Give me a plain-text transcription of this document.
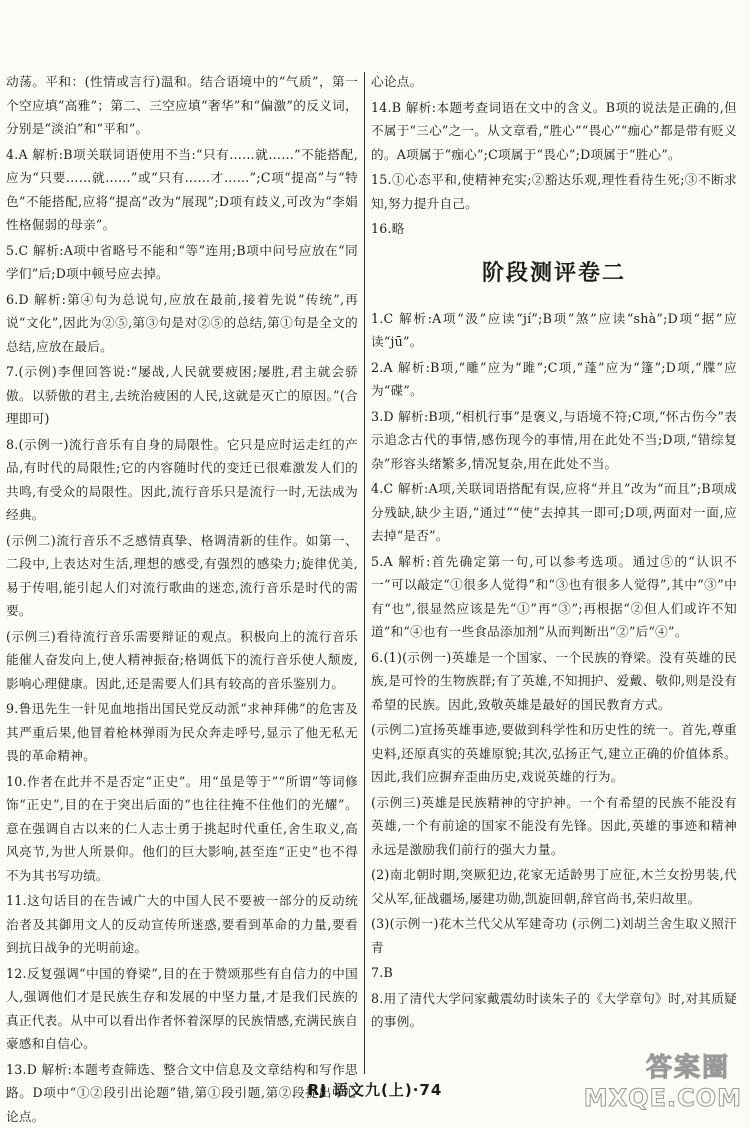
动荡。平和：(性情或言行)温和。结合语境中的“气质”，第一个空应填“高雅”；第二、三空应填“奢华”和“偏激”的反义词，分别是“淡泊”和“平和”。

4.A 解析:B项关联词语使用不当:“只有……就……”不能搭配,应为“只要……就……”或“只有……才……”;C项“提高”与“特色”不能搭配,应将“提高”改为“展现”;D项有歧义,可改为“李娟性格倔弱的母亲”。

5.C 解析:A项中省略号不能和“等”连用;B项中问号应放在“同学们”后;D项中顿号应去掉。

6.D 解析:第④句为总说句,应放在最前,接着先说“传统”,再说“文化”,因此为②⑤,第③句是对②⑤的总结,第①句是全文的总结,应放在最后。

7.(示例)李俚回答说:“屡战,人民就要疲困;屡胜,君主就会骄傲。以骄傲的君主,去统治疲困的人民,这就是灭亡的原因。”(合理即可)

8.(示例一)流行音乐有自身的局限性。它只是应时运走红的产品,有时代的局限性;它的内容随时代的变迁已很难激发人们的共鸣,有受众的局限性。因此,流行音乐只是流行一时,无法成为经典。

(示例二)流行音乐不乏感情真挚、格调清新的佳作。如第一、二段中,上表达对生活,理想的感受,有强烈的感染力;旋律优美,易于传唱,能引起人们对流行歌曲的迷恋,流行音乐是时代的需要。

(示例三)看待流行音乐需要辩证的观点。积极向上的流行音乐能催人奋发向上,使人精神振奋;格调低下的流行音乐使人颓废,影响心理健康。因此,还是需要人们具有较高的音乐鉴别力。

9.鲁迅先生一针见血地指出国民党反动派“求神拜佛”的危害及其严重后果,他冒着枪林弹雨为民众奔走呼号,显示了他无私无畏的革命精神。

10.作者在此并不是否定“正史”。用“虽是等于”“所谓”等词修饰“正史”,目的在于突出后面的“也往往掩不住他们的光耀”。意在强调自古以来的仁人志士勇于挑起时代重任,舍生取义,高风亮节,为世人所景仰。他们的巨大影响,甚至连“正史”也不得不为其书写功绩。

11.这句话目的在告诫广大的中国人民不要被一部分的反动统治者及其御用文人的反动宣传所迷惑,要看到革命的力量,要看到抗日战争的光明前途。

12.反复强调“中国的脊梁”,目的在于赞颂那些有自信力的中国人,强调他们才是民族生存和发展的中坚力量,才是我们民族的真正代表。从中可以看出作者怀着深厚的民族情感,充满民族自豪感和自信心。

13.D 解析:本题考查筛选、整合文中信息及文章结构和写作思路。D项中“①②段引出论题”错,第①段引题,第②段提出中心论点。

心论点。

14.B 解析:本题考查词语在文中的含义。B项的说法是正确的,但不属于“三心”之一。从文章看,“胜心”“畏心”“痂心”都是带有贬义的。A项属于“痂心”;C项属于“畏心”;D项属于“胜心”。

15.①心态平和,使精神充实;②豁达乐观,理性看待生死;③不断求知,努力提升自己。

16.略

阶段测评卷二

1.C 解析:A项“汲”应读“jí”;B项“煞”应读“shà”;D项“据”应读“jū”。

2.A 解析:B项,“雕”应为“雎”;C项,“蓬”应为“篷”;D项,“牒”应为“碟”。

3.D 解析:B项,“相机行事”是褒义,与语境不符;C项,“怀古伤今”表示追念古代的事情,感伤现今的事情,用在此处不当;D项,“错综复杂”形容头绪繁多,情况复杂,用在此处不当。

4.C 解析:A项,关联词语搭配有误,应将“并且”改为“而且”;B项成分残缺,缺少主语,“通过”“使”去掉其一即可;D项,两面对一面,应去掉“是否”。

5.A 解析:首先确定第一句,可以参考选项。通过⑤的“认识不一”可以敲定“①很多人觉得”和“③也有很多人觉得”,其中“③”中有“也”,很显然应该是先“①”再“③”;再根据“②但人们或许不知道”和“④也有一些食品添加剂”从而判断出“②”后“④”。

6.(1)(示例一)英雄是一个国家、一个民族的脊梁。没有英雄的民族,是可怜的生物族群;有了英雄,不知拥护、爱戴、敬仰,则是没有希望的民族。因此,致敬英雄是最好的国民教育方式。

(示例二)宣扬英雄事迹,要做到科学性和历史性的统一。首先,尊重史料,还原真实的英雄原貌;其次,弘扬正气,建立正确的价值体系。因此,我们应摒弃歪曲历史,戏说英雄的行为。

(示例三)英雄是民族精神的守护神。一个有希望的民族不能没有英雄,一个有前途的国家不能没有先锋。因此,英雄的事迹和精神永远是激励我们前行的强大力量。

(2)南北朝时期,突厥犯边,花家无适龄男丁应征,木兰女扮男装,代父从军,征战疆场,屡建功勋,凯旋回朝,辞官尚书,荣归故里。

(3)(示例一)花木兰代父从军建奇功 (示例二)刘胡兰舍生取义照汗青

7.B

8.用了清代大学问家戴震幼时读朱子的《大学章句》时,对其质疑的事例。

RJ 语文九(上)·74
答案圈
MXQE.COM
